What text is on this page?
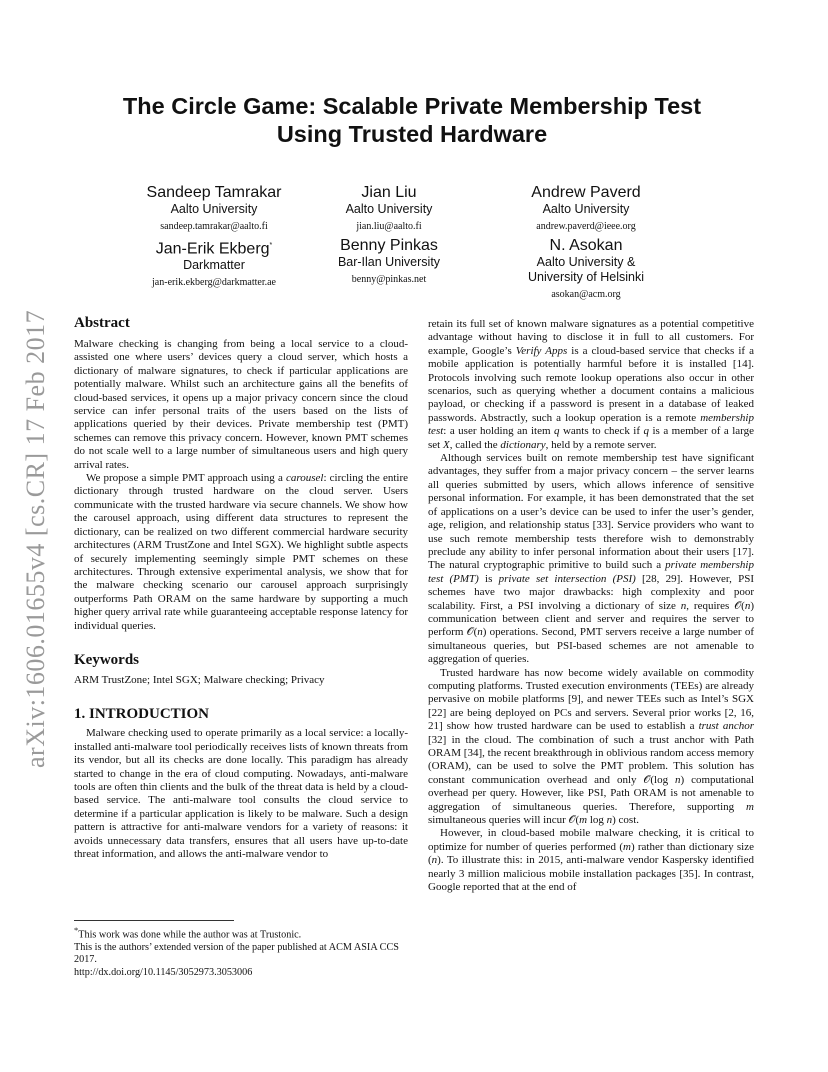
arXiv:1606.01655v4 [cs.CR] 17 Feb 2017
The Circle Game: Scalable Private Membership Test
Using Trusted Hardware
Sandeep Tamrakar
Aalto University
sandeep.tamrakar@aalto.fi
Jian Liu
Aalto University
jian.liu@aalto.fi
Andrew Paverd
Aalto University
andrew.paverd@ieee.org
Jan-Erik Ekberg*
Darkmatter
jan-erik.ekberg@darkmatter.ae
Benny Pinkas
Bar-Ilan University
benny@pinkas.net
N. Asokan
Aalto University &
University of Helsinki
asokan@acm.org
Abstract

Malware checking is changing from being a local service to a cloud-assisted one where users’ devices query a cloud server, which hosts a dictionary of malware signatures, to check if particular applications are potentially malware. Whilst such an architecture gains all the benefits of cloud-based services, it opens up a major privacy concern since the cloud service can infer personal traits of the users based on the lists of applications queried by their devices. Private membership test (PMT) schemes can remove this privacy concern. However, known PMT schemes do not scale well to a large number of simultaneous users and high query arrival rates.

We propose a simple PMT approach using a carousel: circling the entire dictionary through trusted hardware on the cloud server. Users communicate with the trusted hardware via secure channels. We show how the carousel approach, using different data structures to represent the dictionary, can be realized on two different commercial hardware security architectures (ARM TrustZone and Intel SGX). We highlight subtle aspects of securely implementing seemingly simple PMT schemes on these architectures. Through extensive experimental analysis, we show that for the malware checking scenario our carousel approach surprisingly outperforms Path ORAM on the same hardware by supporting a much higher query arrival rate while guaranteeing acceptable response latency for individual queries.

Keywords

ARM TrustZone; Intel SGX; Malware checking; Privacy

1. INTRODUCTION

Malware checking used to operate primarily as a local service: a locally-installed anti-malware tool periodically receives lists of known threats from its vendor, but all its checks are done locally. This paradigm has already started to change in the era of cloud computing. Nowadays, anti-malware tools are often thin clients and the bulk of the threat data is held by a cloud-based service. The anti-malware tool consults the cloud service to determine if a particular application is likely to be malware. Such a design pattern is attractive for anti-malware vendors for a variety of reasons: it avoids unnecessary data transfers, ensures that all users have up-to-date threat information, and allows the anti-malware vendor to

*This work was done while the author was at Trustonic.

This is the authors’ extended version of the paper published at ACM ASIA CCS 2017.

http://dx.doi.org/10.1145/3052973.3053006

retain its full set of known malware signatures as a potential competitive advantage without having to disclose it in full to all customers. For example, Google’s Verify Apps is a cloud-based service that checks if a mobile application is potentially harmful before it is installed [14]. Protocols involving such remote lookup operations also occur in other scenarios, such as querying whether a document contains a malicious payload, or checking if a password is present in a database of leaked passwords. Abstractly, such a lookup operation is a remote membership test: a user holding an item q wants to check if q is a member of a large set X, called the dictionary, held by a remote server.

Although services built on remote membership test have significant advantages, they suffer from a major privacy concern – the server learns all queries submitted by users, which allows inference of sensitive personal information. For example, it has been demonstrated that the set of applications on a user’s device can be used to infer the user’s gender, age, religion, and relationship status [33]. Service providers who want to use such remote membership tests therefore wish to demonstrably preclude any ability to infer personal information about their users [17]. The natural cryptographic primitive to build such a private membership test (PMT) is private set intersection (PSI) [28, 29]. However, PSI schemes have two major drawbacks: high complexity and poor scalability. First, a PSI involving a dictionary of size n, requires 𝒪(n) communication between client and server and requires the server to perform 𝒪(n) operations. Second, PMT servers receive a large number of simultaneous queries, but PSI-based schemes are not amenable to aggregation of queries.

Trusted hardware has now become widely available on commodity computing platforms. Trusted execution environments (TEEs) are already pervasive on mobile platforms [9], and newer TEEs such as Intel’s SGX [22] are being deployed on PCs and servers. Several prior works [2, 16, 21] show how trusted hardware can be used to establish a trust anchor [32] in the cloud. The combination of such a trust anchor with Path ORAM [34], the recent breakthrough in oblivious random access memory (ORAM), can be used to solve the PMT problem. This solution has constant communication overhead and only 𝒪(log n) computational overhead per query. However, like PSI, Path ORAM is not amenable to aggregation of simultaneous queries. Therefore, supporting m simultaneous queries will incur 𝒪(m log n) cost.

However, in cloud-based mobile malware checking, it is critical to optimize for number of queries performed (m) rather than dictionary size (n). To illustrate this: in 2015, anti-malware vendor Kaspersky identified nearly 3 million malicious mobile installation packages [35]. In contrast, Google reported that at the end of
